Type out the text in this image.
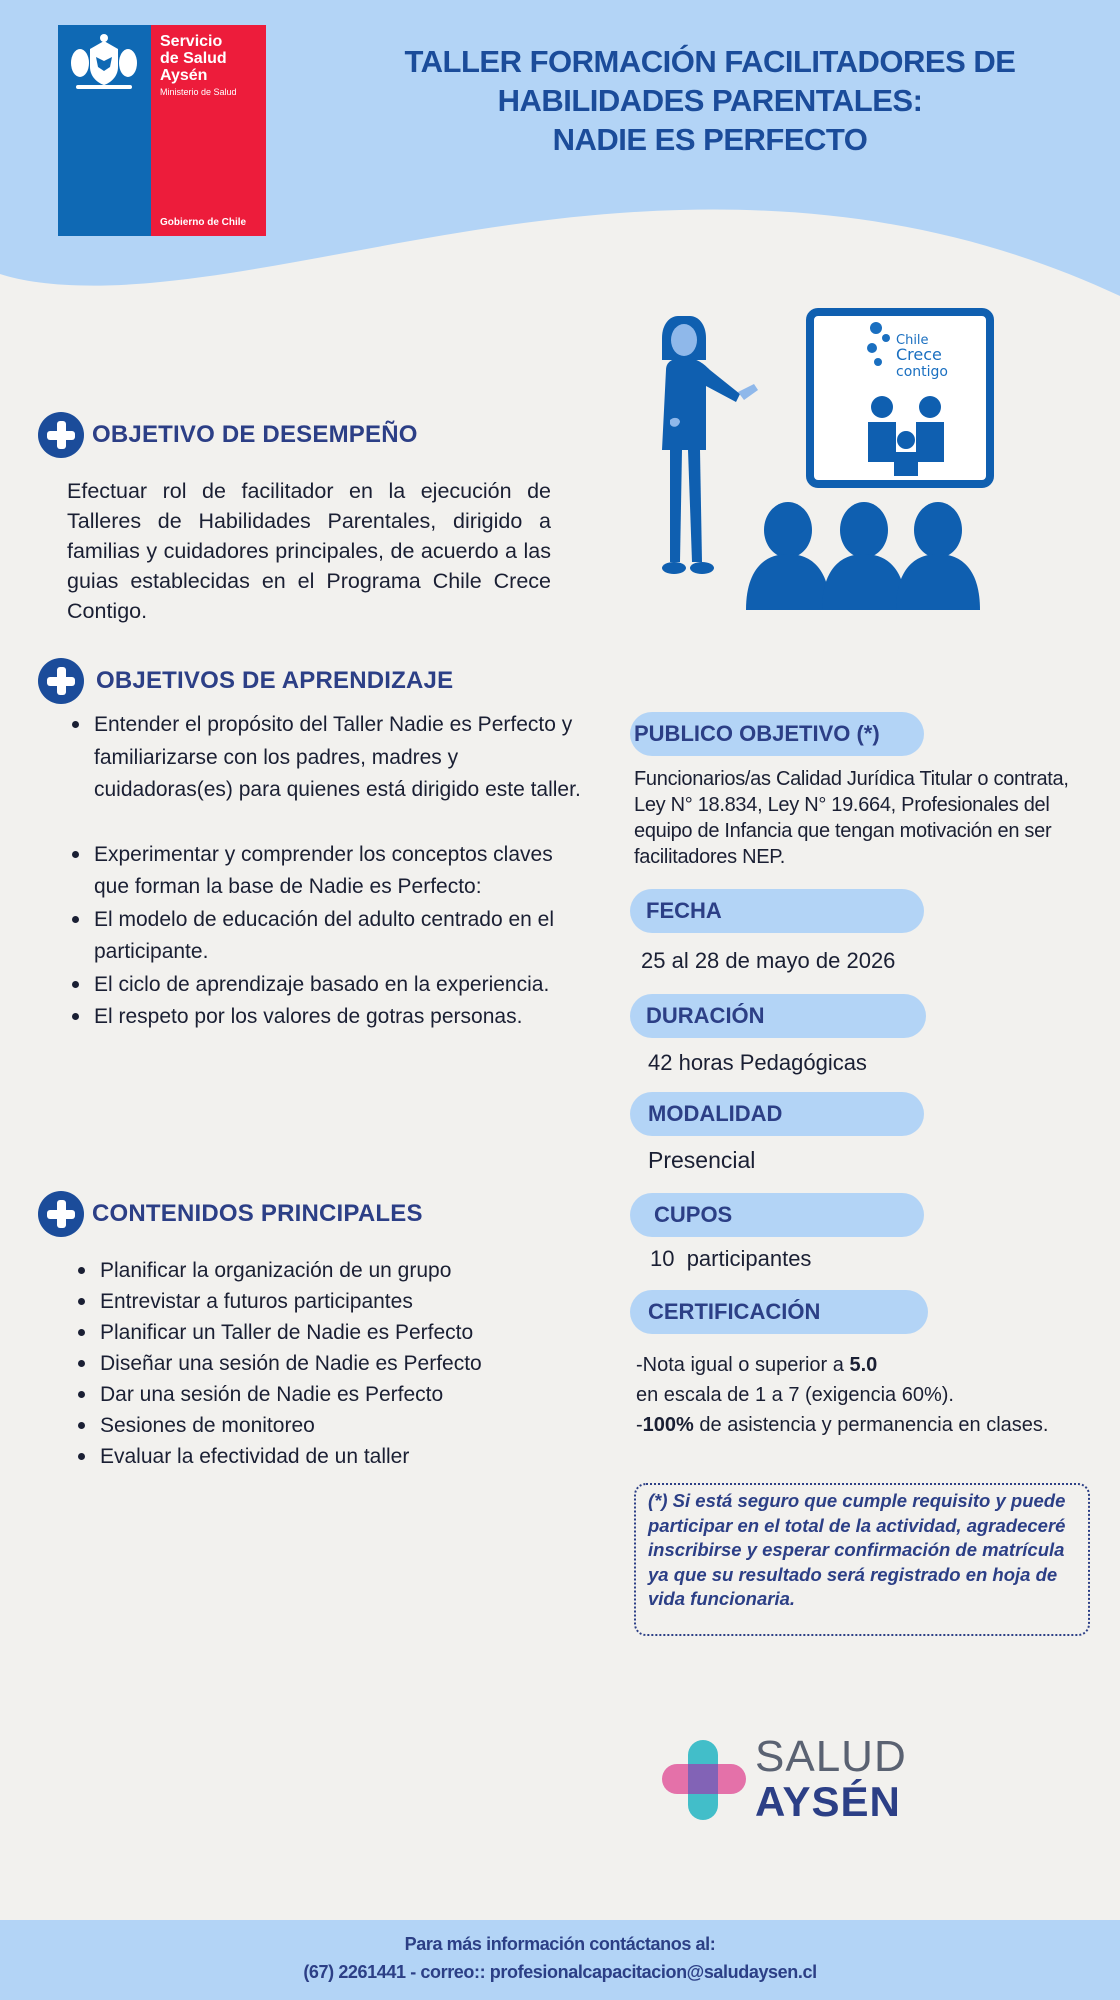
Servicio
de Salud
Aysén
Ministerio de Salud
Gobierno de Chile
TALLER FORMACIÓN FACILITADORES DE
HABILIDADES PARENTALES:
NADIE ES PERFECTO
Chile
Crece
contigo
OBJETIVO DE DESEMPEÑO
Efectuar rol de facilitador en la ejecución de Talleres de Habilidades Parentales, dirigido a familias y cuidadores principales, de acuerdo a las guias establecidas en el Programa Chile Crece Contigo.
OBJETIVOS DE APRENDIZAJE
Entender el propósito del Taller Nadie es Perfecto y familiarizarse con los padres, madres y cuidadoras(es) para quienes está dirigido este taller.
Experimentar y comprender los conceptos claves que forman la base de Nadie es Perfecto:
El modelo de educación del adulto centrado en el participante.
El ciclo de aprendizaje basado en la experiencia.
El respeto por los valores de gotras personas.
CONTENIDOS PRINCIPALES
Planificar la organización de un grupo
Entrevistar a futuros participantes
Planificar un Taller de Nadie es Perfecto
Diseñar una sesión de Nadie es Perfecto
Dar una sesión de Nadie es Perfecto
Sesiones de monitoreo
Evaluar la efectividad de un taller
PUBLICO OBJETIVO (*)
Funcionarios/as Calidad Jurídica Titular o contrata, Ley N° 18.834, Ley N° 19.664, Profesionales del equipo de Infancia que tengan motivación en ser facilitadores NEP.
FECHA
25 al 28 de mayo de 2026
DURACIÓN
42 horas Pedagógicas
MODALIDAD
Presencial
CUPOS
10  participantes
CERTIFICACIÓN
-Nota igual o superior a 5.0
en escala de 1 a 7 (exigencia 60%).
-100% de asistencia y permanencia en clases.
(*) Si está seguro que cumple requisito y puede participar en el total de la actividad, agradeceré inscribirse y esperar confirmación de matrícula ya que su resultado será registrado en hoja de vida funcionaria.
SALUD
AYSÉN
Para más información contáctanos al:
(67) 2261441 - correo:: profesionalcapacitacion@saludaysen.cl
